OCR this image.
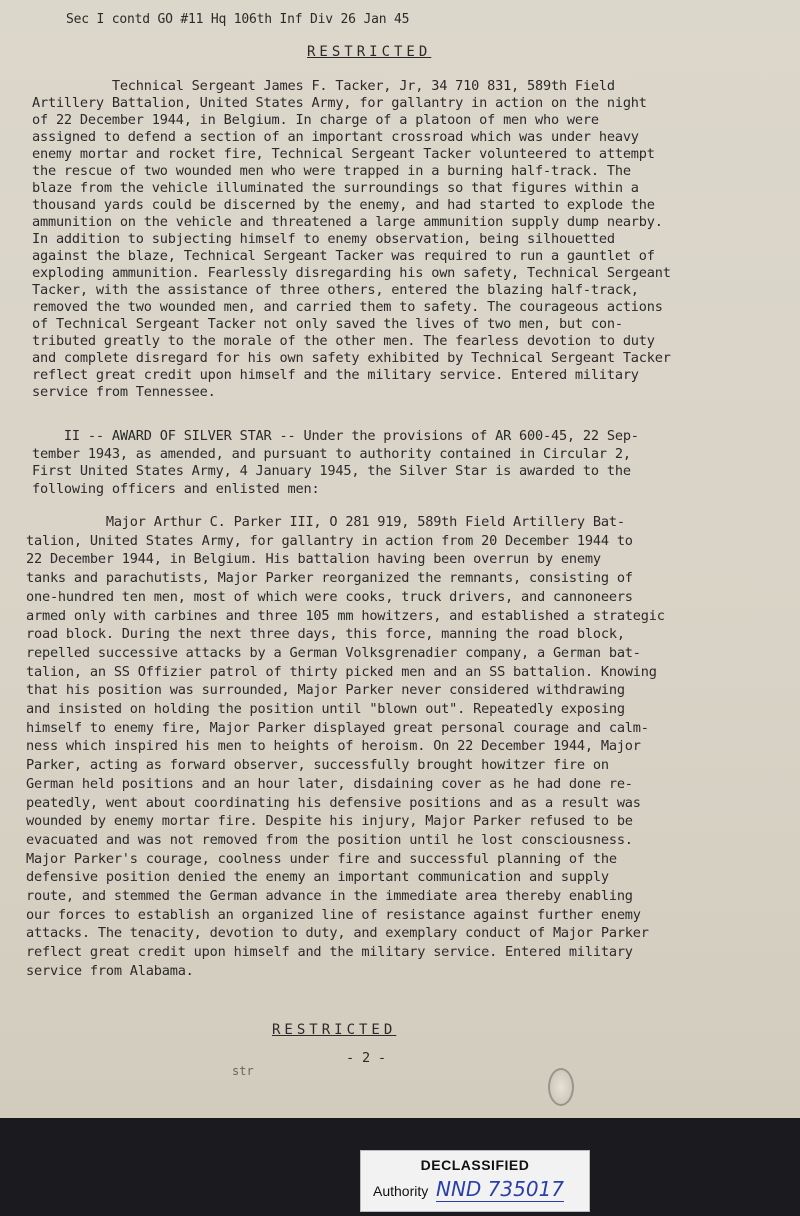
Sec I contd GO #11 Hq 106th Inf Div 26 Jan 45
RESTRICTED
Technical Sergeant James F. Tacker, Jr, 34 710 831, 589th Field
Artillery Battalion, United States Army, for gallantry in action on the night
of 22 December 1944, in Belgium. In charge of a platoon of men who were
assigned to defend a section of an important crossroad which was under heavy
enemy mortar and rocket fire, Technical Sergeant Tacker volunteered to attempt
the rescue of two wounded men who were trapped in a burning half-track. The
blaze from the vehicle illuminated the surroundings so that figures within a
thousand yards could be discerned by the enemy, and had started to explode the
ammunition on the vehicle and threatened a large ammunition supply dump nearby.
In addition to subjecting himself to enemy observation, being silhouetted
against the blaze, Technical Sergeant Tacker was required to run a gauntlet of
exploding ammunition. Fearlessly disregarding his own safety, Technical Sergeant
Tacker, with the assistance of three others, entered the blazing half-track,
removed the two wounded men, and carried them to safety. The courageous actions
of Technical Sergeant Tacker not only saved the lives of two men, but con-
tributed greatly to the morale of the other men. The fearless devotion to duty
and complete disregard for his own safety exhibited by Technical Sergeant Tacker
reflect great credit upon himself and the military service. Entered military
service from Tennessee.
II -- AWARD OF SILVER STAR -- Under the provisions of AR 600-45, 22 Sep-
tember 1943, as amended, and pursuant to authority contained in Circular 2,
First United States Army, 4 January 1945, the Silver Star is awarded to the
following officers and enlisted men:
Major Arthur C. Parker III, O 281 919, 589th Field Artillery Bat-
talion, United States Army, for gallantry in action from 20 December 1944 to
22 December 1944, in Belgium. His battalion having been overrun by enemy
tanks and parachutists, Major Parker reorganized the remnants, consisting of
one-hundred ten men, most of which were cooks, truck drivers, and cannoneers
armed only with carbines and three 105 mm howitzers, and established a strategic
road block. During the next three days, this force, manning the road block,
repelled successive attacks by a German Volksgrenadier company, a German bat-
talion, an SS Offizier patrol of thirty picked men and an SS battalion. Knowing
that his position was surrounded, Major Parker never considered withdrawing
and insisted on holding the position until "blown out". Repeatedly exposing
himself to enemy fire, Major Parker displayed great personal courage and calm-
ness which inspired his men to heights of heroism. On 22 December 1944, Major
Parker, acting as forward observer, successfully brought howitzer fire on
German held positions and an hour later, disdaining cover as he had done re-
peatedly, went about coordinating his defensive positions and as a result was
wounded by enemy mortar fire. Despite his injury, Major Parker refused to be
evacuated and was not removed from the position until he lost consciousness.
Major Parker's courage, coolness under fire and successful planning of the
defensive position denied the enemy an important communication and supply
route, and stemmed the German advance in the immediate area thereby enabling
our forces to establish an organized line of resistance against further enemy
attacks. The tenacity, devotion to duty, and exemplary conduct of Major Parker
reflect great credit upon himself and the military service. Entered military
service from Alabama.
RESTRICTED
- 2 -
str
DECLASSIFIED
Authority NND 735017
